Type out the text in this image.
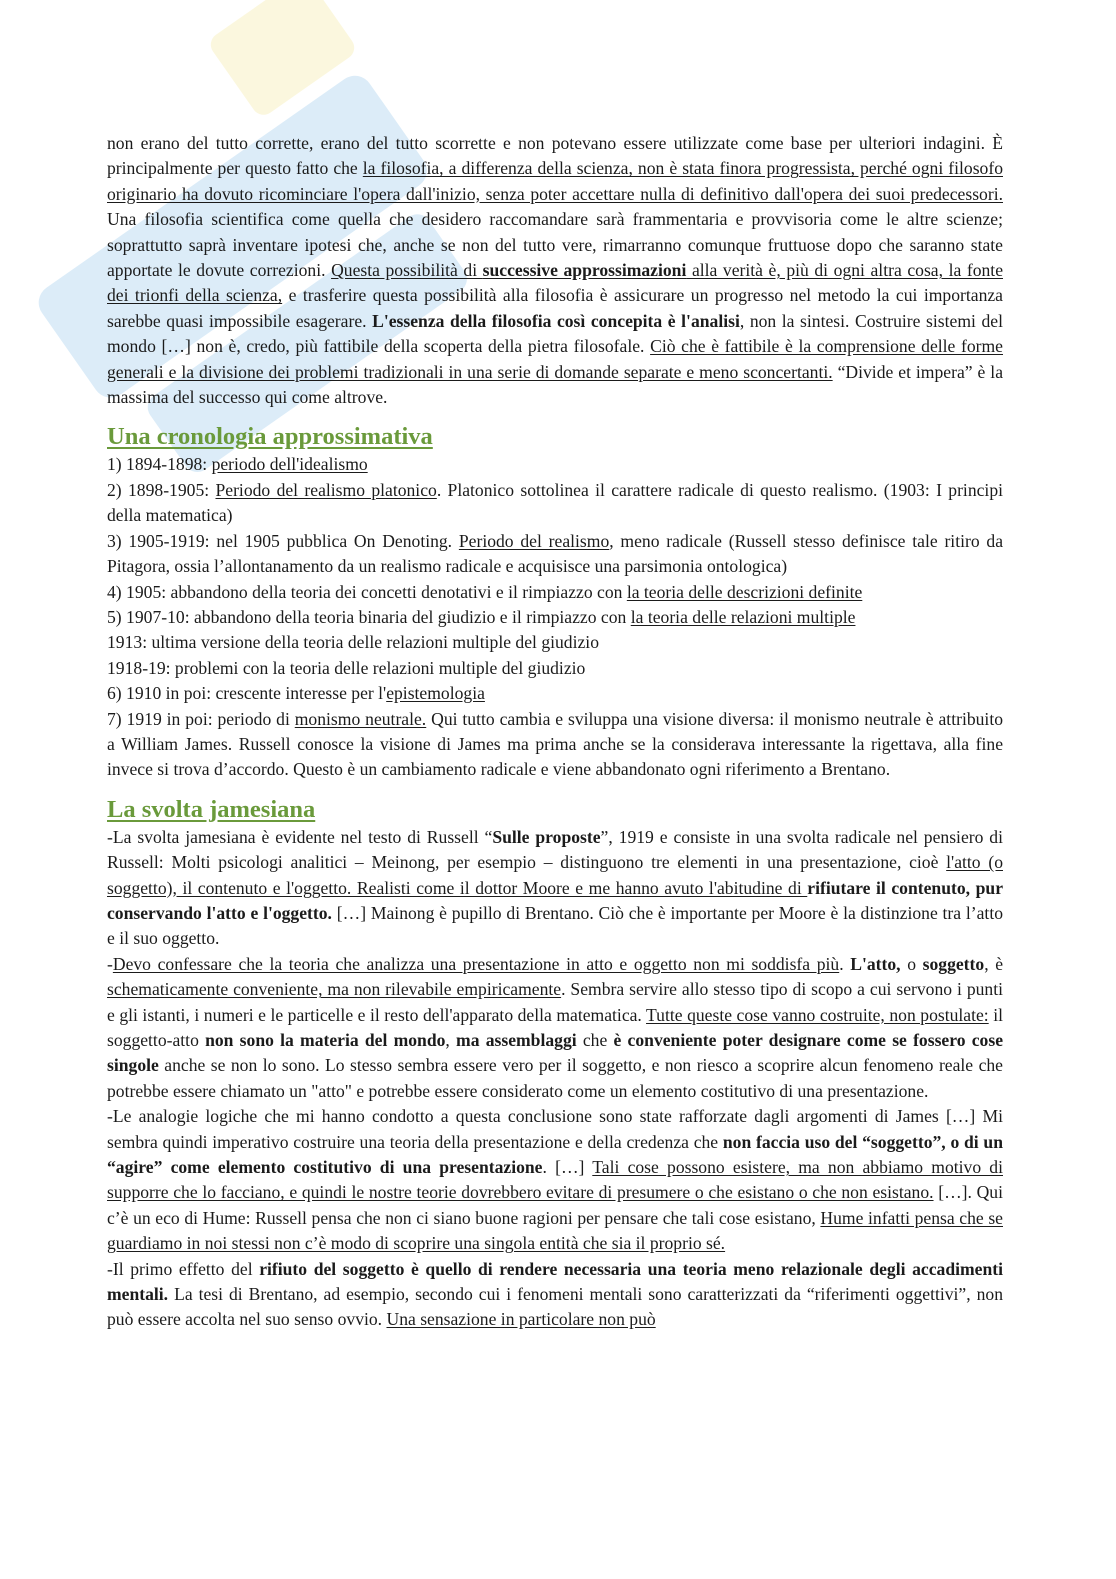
non erano del tutto corrette, erano del tutto scorrette e non potevano essere utilizzate come base per ulteriori indagini. È principalmente per questo fatto che la filosofia, a differenza della scienza, non è stata finora progressista, perché ogni filosofo originario ha dovuto ricominciare l'opera dall'inizio, senza poter accettare nulla di definitivo dall'opera dei suoi predecessori. Una filosofia scientifica come quella che desidero raccomandare sarà frammentaria e provvisoria come le altre scienze; soprattutto saprà inventare ipotesi che, anche se non del tutto vere, rimarranno comunque fruttuose dopo che saranno state apportate le dovute correzioni. Questa possibilità di successive approssimazioni alla verità è, più di ogni altra cosa, la fonte dei trionfi della scienza, e trasferire questa possibilità alla filosofia è assicurare un progresso nel metodo la cui importanza sarebbe quasi impossibile esagerare. L'essenza della filosofia così concepita è l'analisi, non la sintesi. Costruire sistemi del mondo […] non è, credo, più fattibile della scoperta della pietra filosofale. Ciò che è fattibile è la comprensione delle forme generali e la divisione dei problemi tradizionali in una serie di domande separate e meno sconcertanti. “Divide et impera” è la massima del successo qui come altrove.

Una cronologia approssimativa

1) 1894-1898: periodo dell'idealismo

2) 1898-1905: Periodo del realismo platonico. Platonico sottolinea il carattere radicale di questo realismo. (1903: I principi della matematica)

3) 1905-1919: nel 1905 pubblica On Denoting. Periodo del realismo, meno radicale (Russell stesso definisce tale ritiro da Pitagora, ossia l’allontanamento da un realismo radicale e acquisisce una parsimonia ontologica)

4) 1905: abbandono della teoria dei concetti denotativi e il rimpiazzo con la teoria delle descrizioni definite

5) 1907-10: abbandono della teoria binaria del giudizio e il rimpiazzo con la teoria delle relazioni multiple

1913: ultima versione della teoria delle relazioni multiple del giudizio

1918-19: problemi con la teoria delle relazioni multiple del giudizio

6) 1910 in poi: crescente interesse per l'epistemologia

7) 1919 in poi: periodo di monismo neutrale. Qui tutto cambia e sviluppa una visione diversa: il monismo neutrale è attribuito a William James. Russell conosce la visione di James ma prima anche se la considerava interessante la rigettava, alla fine invece si trova d’accordo. Questo è un cambiamento radicale e viene abbandonato ogni riferimento a Brentano.

La svolta jamesiana

-La svolta jamesiana è evidente nel testo di Russell “Sulle proposte”, 1919 e consiste in una svolta radicale nel pensiero di Russell: Molti psicologi analitici – Meinong, per esempio – distinguono tre elementi in una presentazione, cioè l'atto (o soggetto), il contenuto e l'oggetto. Realisti come il dottor Moore e me hanno avuto l'abitudine di rifiutare il contenuto, pur conservando l'atto e l'oggetto. […] Mainong è pupillo di Brentano. Ciò che è importante per Moore è la distinzione tra l’atto e il suo oggetto.

-Devo confessare che la teoria che analizza una presentazione in atto e oggetto non mi soddisfa più. L'atto, o soggetto, è schematicamente conveniente, ma non rilevabile empiricamente. Sembra servire allo stesso tipo di scopo a cui servono i punti e gli istanti, i numeri e le particelle e il resto dell'apparato della matematica. Tutte queste cose vanno costruite, non postulate: il soggetto-atto non sono la materia del mondo, ma assemblaggi che è conveniente poter designare come se fossero cose singole anche se non lo sono. Lo stesso sembra essere vero per il soggetto, e non riesco a scoprire alcun fenomeno reale che potrebbe essere chiamato un "atto" e potrebbe essere considerato come un elemento costitutivo di una presentazione.

-Le analogie logiche che mi hanno condotto a questa conclusione sono state rafforzate dagli argomenti di James […] Mi sembra quindi imperativo costruire una teoria della presentazione e della credenza che non faccia uso del “soggetto”, o di un “agire” come elemento costitutivo di una presentazione. […] Tali cose possono esistere, ma non abbiamo motivo di supporre che lo facciano, e quindi le nostre teorie dovrebbero evitare di presumere o che esistano o che non esistano. […]. Qui c’è un eco di Hume: Russell pensa che non ci siano buone ragioni per pensare che tali cose esistano, Hume infatti pensa che se guardiamo in noi stessi non c’è modo di scoprire una singola entità che sia il proprio sé.

-Il primo effetto del rifiuto del soggetto è quello di rendere necessaria una teoria meno relazionale degli accadimenti mentali. La tesi di Brentano, ad esempio, secondo cui i fenomeni mentali sono caratterizzati da “riferimenti oggettivi”, non può essere accolta nel suo senso ovvio. Una sensazione in particolare non può
